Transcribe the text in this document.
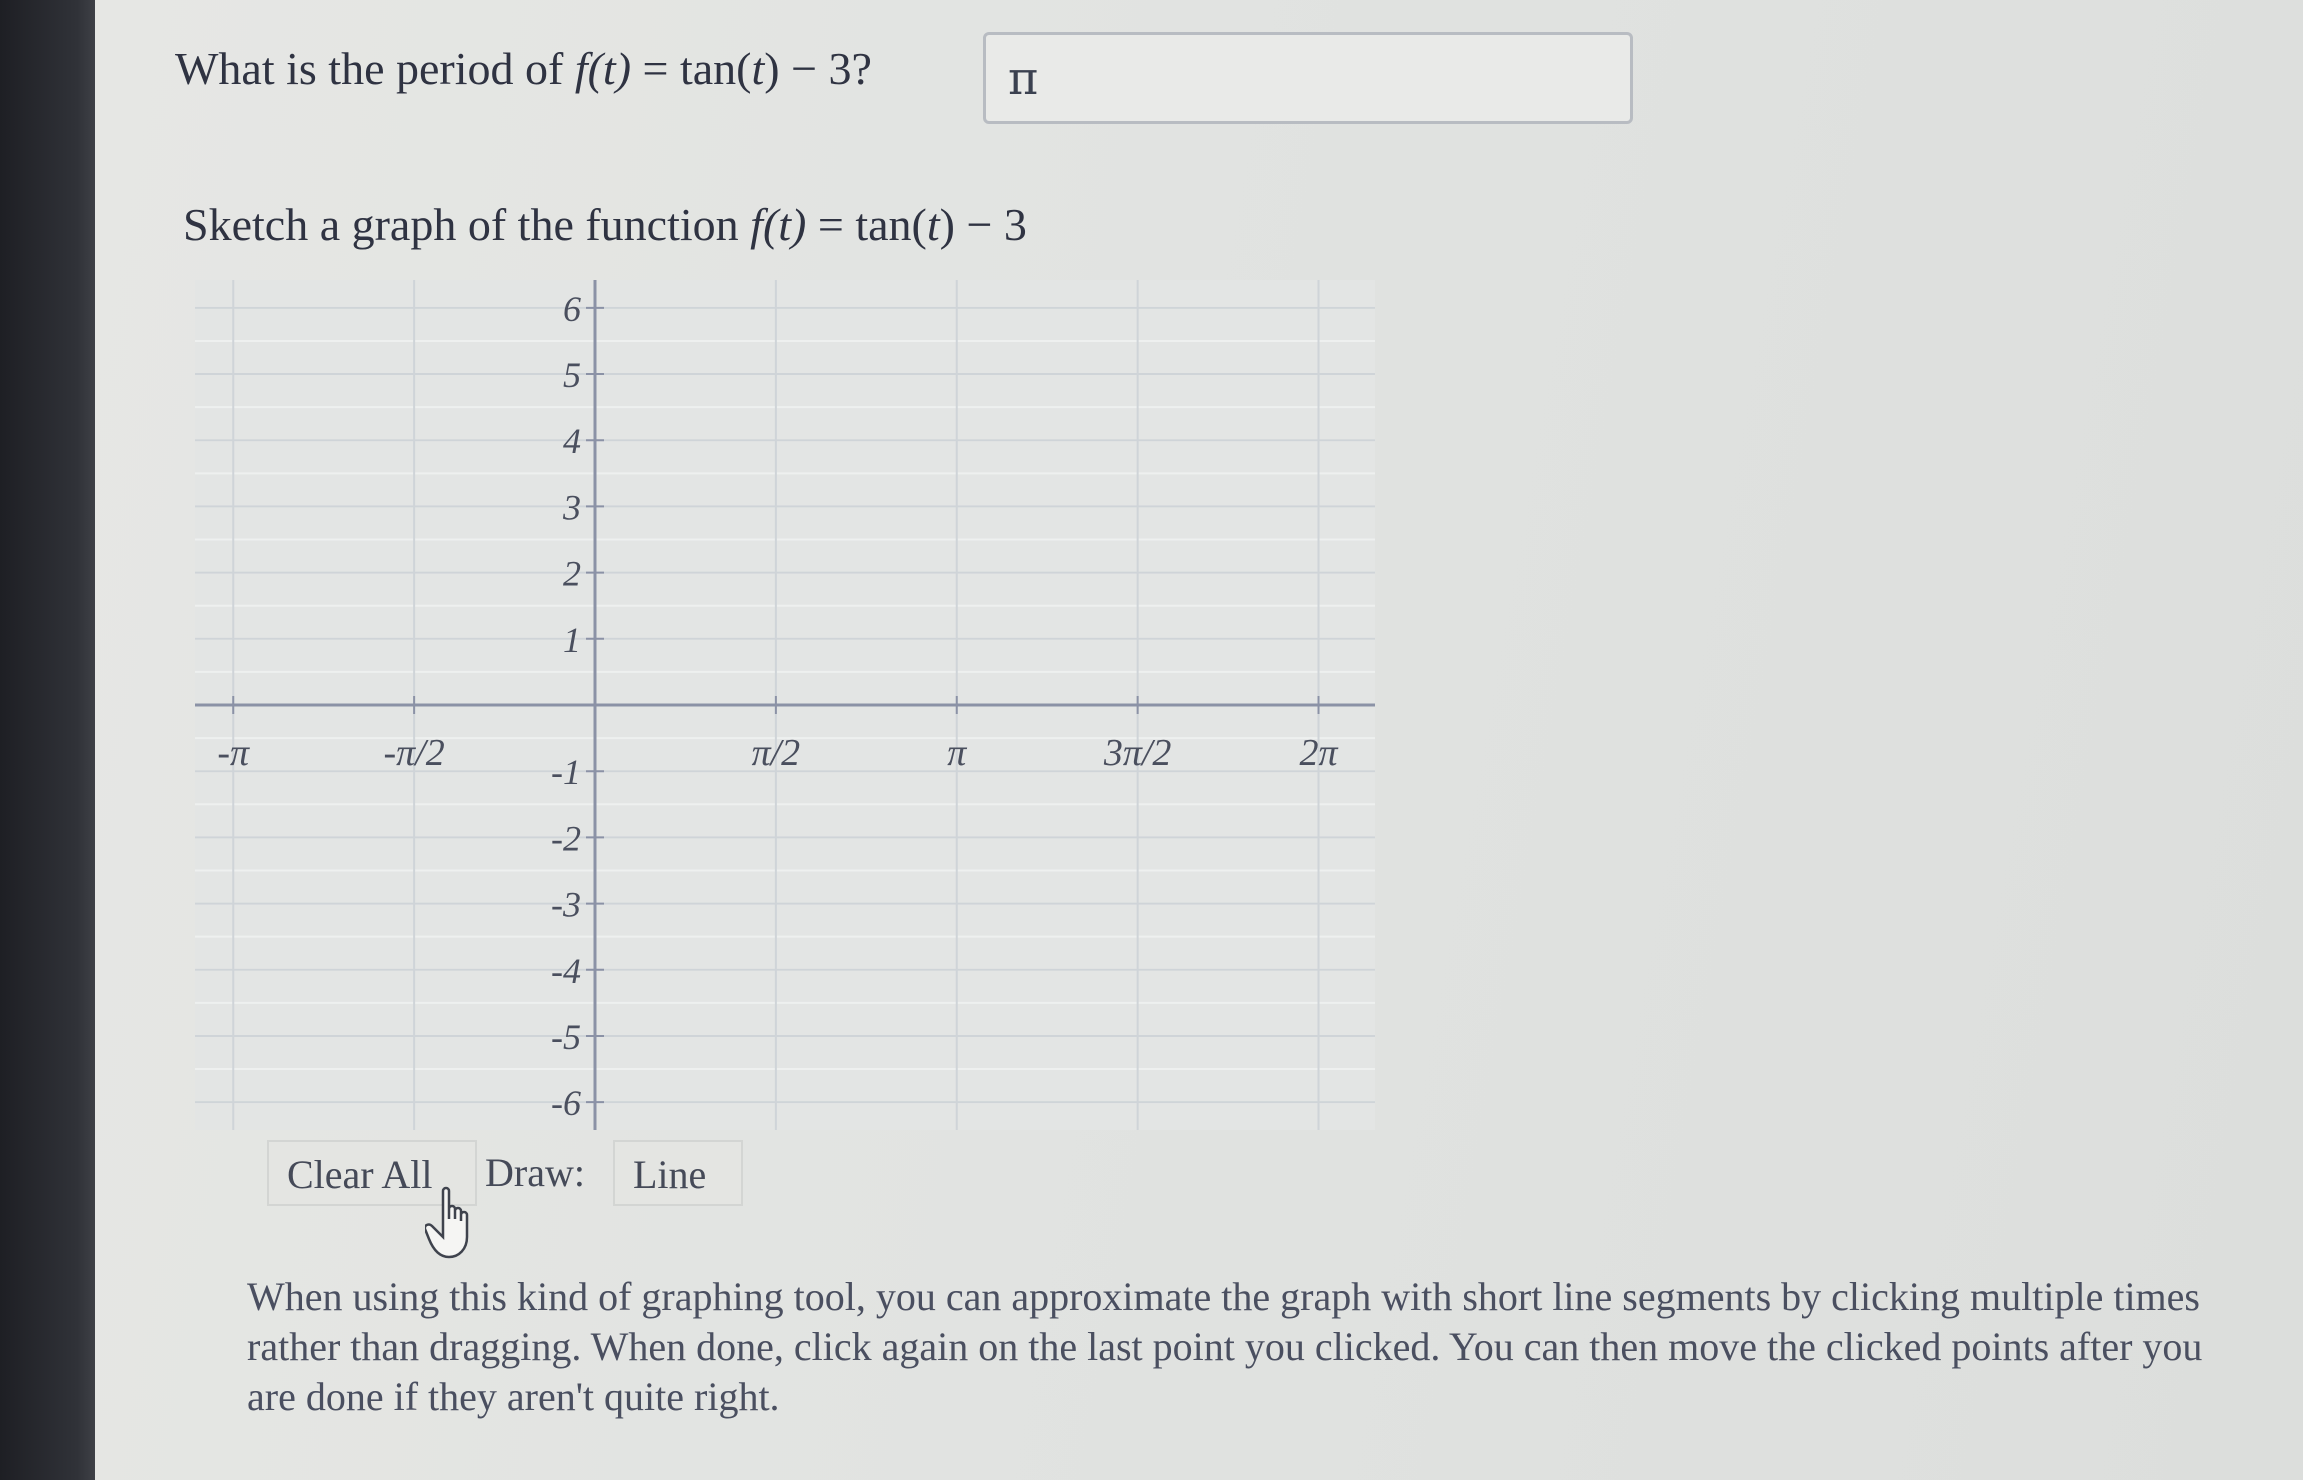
What is the period of f(t) = tan(t) − 3?	π
Sketch a graph of the function f(t) = tan(t) − 3
-π	-π/2	π/2	π	3π/2	2π
6
5
4
3
2
1
-1
-2
-3
-4
-5
-6
Clear All	Draw:	Line
When using this kind of graphing tool, you can approximate the graph with short line segments by clicking multiple times rather than dragging. When done, click again on the last point you clicked. You can then move the clicked points after you are done if they aren't quite right.
